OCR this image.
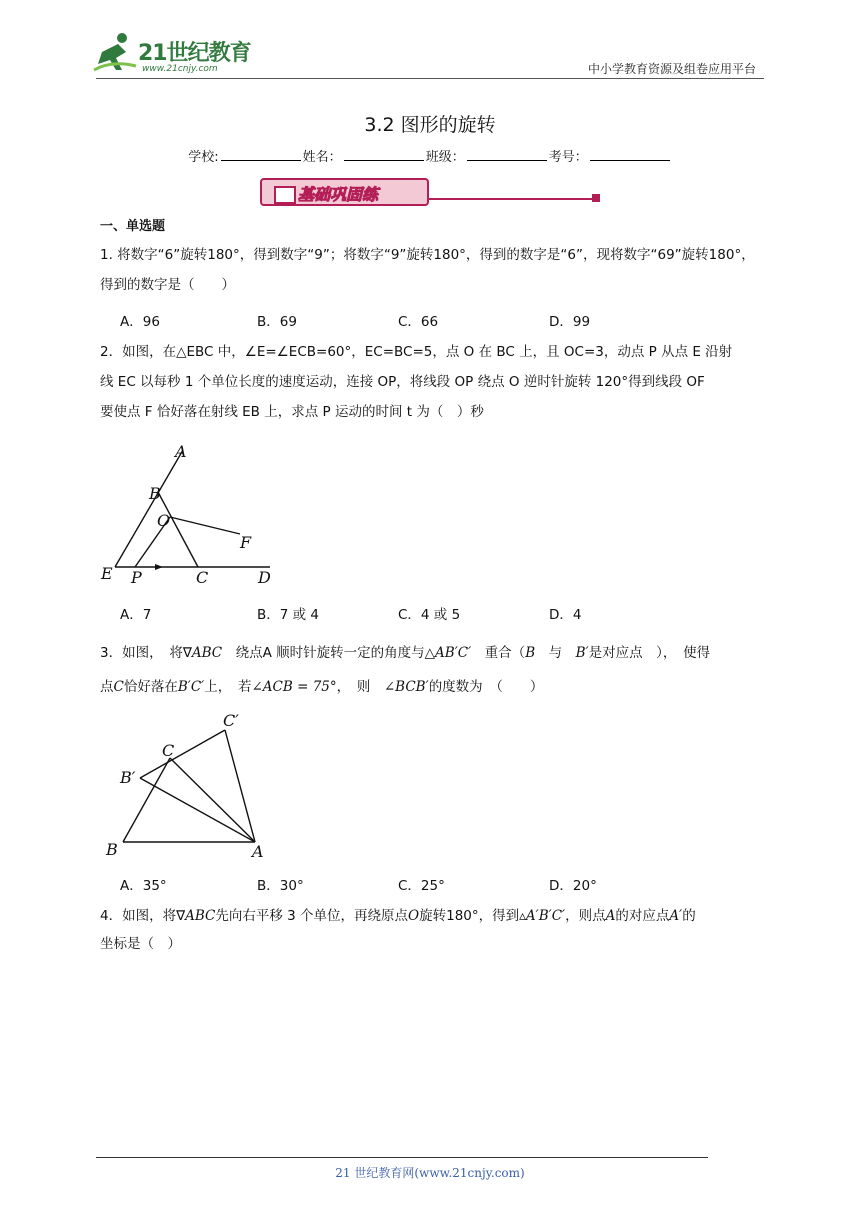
21世纪教育
www.21cnjy.com	中小学教育资源及组卷应用平台
3.2 图形的旋转
学校:	姓名：	班级：	考号：
基础巩固练
一、单选题
1. 将数字“6”旋转180°，得到数字“9”；将数字“9”旋转180°，得到的数字是“6”，现将数字“69”旋转180°，
得到的数字是（　　）
A．96	B．69	C．66	D．99
2．如图，在△EBC 中，∠E=∠ECB=60°，EC=BC=5，点 O 在 BC 上，且 OC=3，动点 P 从点 E 沿射
线 EC 以每秒 1 个单位长度的速度运动，连接 OP，将线段 OP 绕点 O 逆时针旋转 120°得到线段 OF
要使点 F 恰好落在射线 EB 上，求点 P 运动的时间 t 为（　）秒
A
B
O
F
E P	C	D
A．7	B．7 或 4	C．4 或 5	D．4
3．如图，　将∇ABC　绕点A 顺时针旋转一定的角度与△AB′C′　重合（B　与　B′是对应点　），　使得
点C恰好落在B′C′上，　若∠ACB = 75°，　则　∠BCB′的度数为　（　　）
C′
C
B′
B	A
A．35°	B．30°	C．25°	D．20°
4．如图，将∇ABC先向右平移 3 个单位，再绕原点O旋转180°，得到▵A′B′C′，则点A的对应点A′的
坐标是（　）
21 世纪教育网(www.21cnjy.com)
